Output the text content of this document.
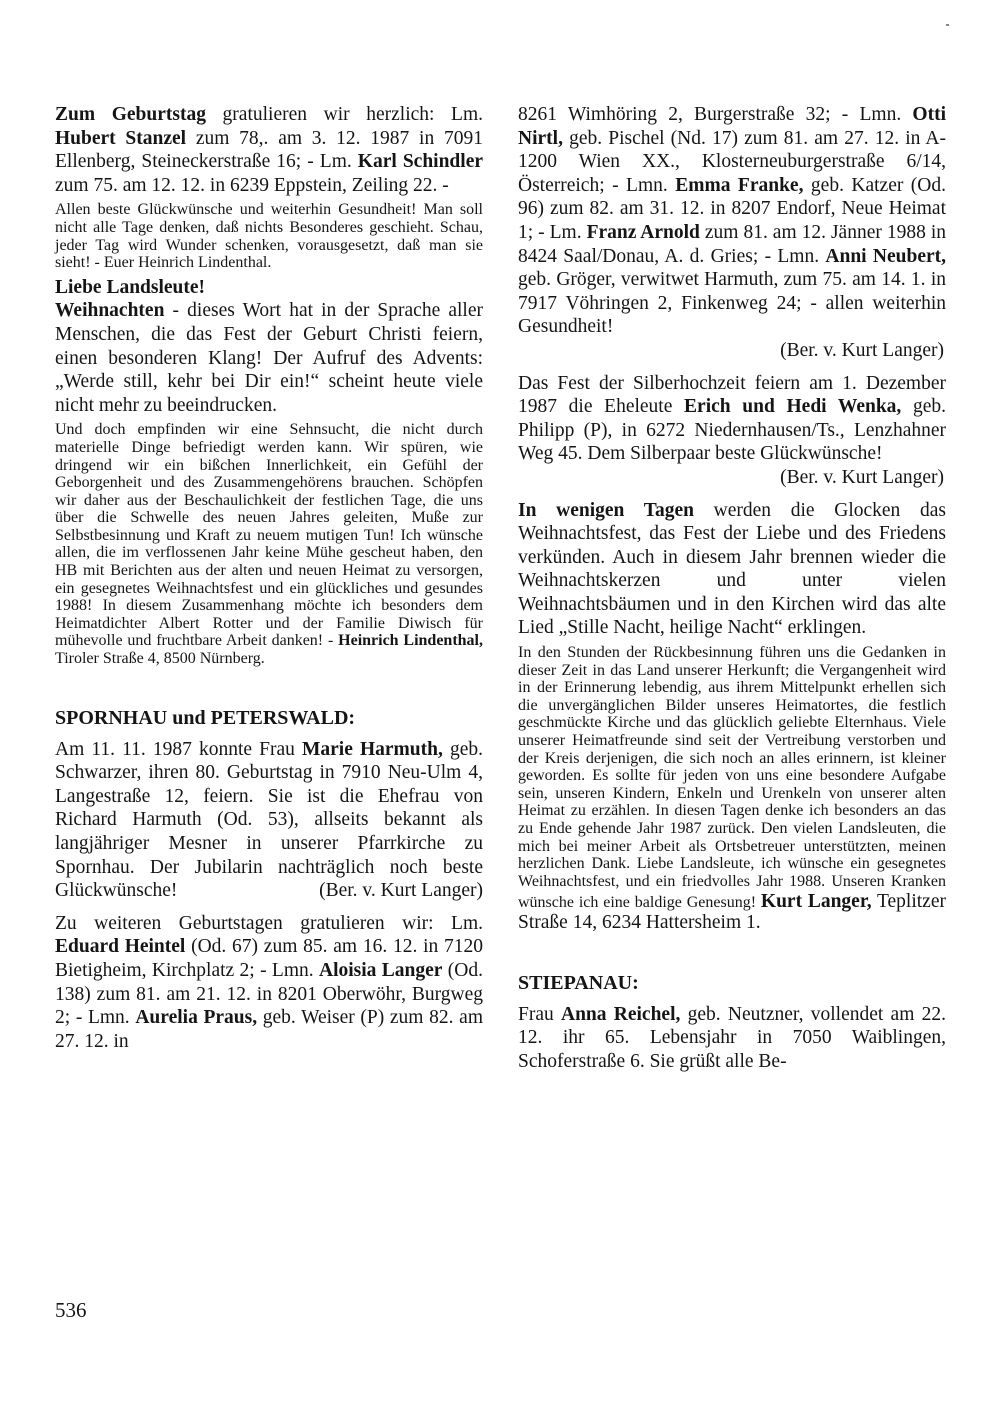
Zum Geburtstag gratulieren wir herzlich: Lm. Hubert Stanzel zum 78,. am 3. 12. 1987 in 7091 Ellenberg, Steineckerstraße 16; - Lm. Karl Schindler zum 75. am 12. 12. in 6239 Eppstein, Zeiling 22. -

Allen beste Glückwünsche und weiterhin Gesundheit! Man soll nicht alle Tage denken, daß nichts Besonderes geschieht. Schau, jeder Tag wird Wunder schenken, vorausgesetzt, daß man sie sieht! - Euer Heinrich Lindenthal.

Liebe Landsleute!

Weihnachten - dieses Wort hat in der Sprache aller Menschen, die das Fest der Geburt Christi feiern, einen besonderen Klang! Der Aufruf des Advents: „Werde still, kehr bei Dir ein!“ scheint heute viele nicht mehr zu beeindrucken.

Und doch empfinden wir eine Sehnsucht, die nicht durch materielle Dinge befriedigt werden kann. Wir spüren, wie dringend wir ein bißchen Innerlichkeit, ein Gefühl der Geborgenheit und des Zusammengehörens brauchen. Schöpfen wir daher aus der Beschaulichkeit der festlichen Tage, die uns über die Schwelle des neuen Jahres geleiten, Muße zur Selbstbesinnung und Kraft zu neuem mutigen Tun! Ich wünsche allen, die im verflossenen Jahr keine Mühe gescheut haben, den HB mit Berichten aus der alten und neuen Heimat zu versorgen, ein gesegnetes Weihnachtsfest und ein glückliches und gesundes 1988! In diesem Zusammenhang möchte ich besonders dem Heimatdichter Albert Rotter und der Familie Diwisch für mühevolle und fruchtbare Arbeit danken! - Heinrich Lindenthal, Tiroler Straße 4, 8500 Nürnberg.

SPORNHAU und PETERSWALD:

Am 11. 11. 1987 konnte Frau Marie Harmuth, geb. Schwarzer, ihren 80. Geburtstag in 7910 Neu-Ulm 4, Langestraße 12, feiern. Sie ist die Ehefrau von Richard Harmuth (Od. 53), allseits bekannt als langjähriger Mesner in unserer Pfarrkirche zu Spornhau. Der Jubilarin nachträglich noch beste Glückwünsche!	(Ber. v. Kurt Langer)

Zu weiteren Geburtstagen gratulieren wir: Lm. Eduard Heintel (Od. 67) zum 85. am 16. 12. in 7120 Bietigheim, Kirchplatz 2; - Lmn. Aloisia Langer (Od. 138) zum 81. am 21. 12. in 8201 Oberwöhr, Burgweg 2; - Lmn. Aurelia Praus, geb. Weiser (P) zum 82. am 27. 12. in

8261 Wimhöring 2, Burgerstraße 32; - Lmn. Otti Nirtl, geb. Pischel (Nd. 17) zum 81. am 27. 12. in A-1200 Wien XX., Klosterneuburgerstraße 6/14, Österreich; - Lmn. Emma Franke, geb. Katzer (Od. 96) zum 82. am 31. 12. in 8207 Endorf, Neue Heimat 1; - Lm. Franz Arnold zum 81. am 12. Jänner 1988 in 8424 Saal/Donau, A. d. Gries; - Lmn. Anni Neubert, geb. Gröger, verwitwet Harmuth, zum 75. am 14. 1. in 7917 Vöhringen 2, Finkenweg 24; - allen weiterhin Gesundheit!

(Ber. v. Kurt Langer)

Das Fest der Silberhochzeit feiern am 1. Dezember 1987 die Eheleute Erich und Hedi Wenka, geb. Philipp (P), in 6272 Niedernhausen/Ts., Lenzhahner Weg 45. Dem Silberpaar beste Glückwünsche!

(Ber. v. Kurt Langer)

In wenigen Tagen werden die Glocken das Weihnachtsfest, das Fest der Liebe und des Friedens verkünden. Auch in diesem Jahr brennen wieder die Weihnachtskerzen und unter vielen Weihnachtsbäumen und in den Kirchen wird das alte Lied „Stille Nacht, heilige Nacht“ erklingen.

In den Stunden der Rückbesinnung führen uns die Gedanken in dieser Zeit in das Land unserer Herkunft; die Vergangenheit wird in der Erinnerung lebendig, aus ihrem Mittelpunkt erhellen sich die unvergänglichen Bilder unseres Heimatortes, die festlich geschmückte Kirche und das glücklich geliebte Elternhaus. Viele unserer Heimatfreunde sind seit der Vertreibung verstorben und der Kreis derjenigen, die sich noch an alles erinnern, ist kleiner geworden. Es sollte für jeden von uns eine besondere Aufgabe sein, unseren Kindern, Enkeln und Urenkeln von unserer alten Heimat zu erzählen. In diesen Tagen denke ich besonders an das zu Ende gehende Jahr 1987 zurück. Den vielen Landsleuten, die mich bei meiner Arbeit als Ortsbetreuer unterstützten, meinen herzlichen Dank. Liebe Landsleute, ich wünsche ein gesegnetes Weihnachtsfest, und ein friedvolles Jahr 1988. Unseren Kranken wünsche ich eine baldige Genesung! Kurt Langer, Teplitzer Straße 14, 6234 Hattersheim 1.

STIEPANAU:

Frau Anna Reichel, geb. Neutzner, vollendet am 22. 12. ihr 65. Lebensjahr in 7050 Waiblingen, Schoferstraße 6. Sie grüßt alle Be-

536
